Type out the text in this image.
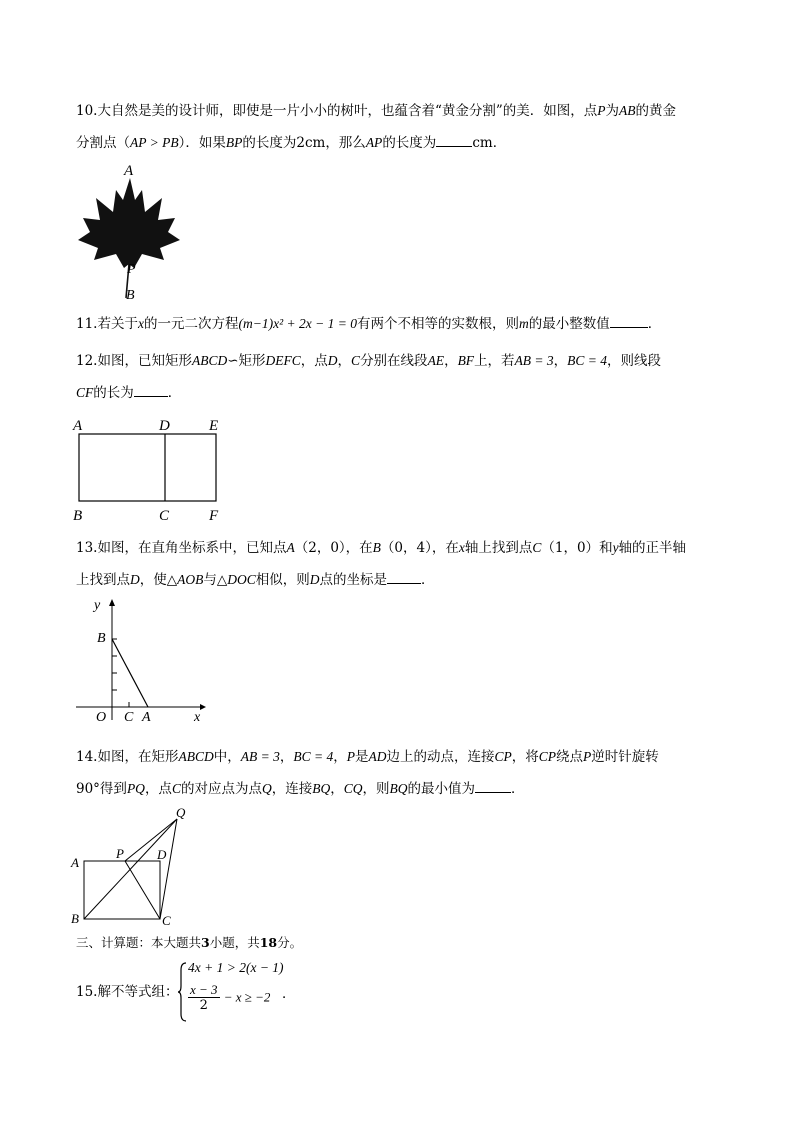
10.大自然是美的设计师，即使是一片小小的树叶，也蕴含着“黄金分割”的美．如图，点P为AB的黄金
分割点（AP > PB）．如果BP的长度为2cm，那么AP的长度为	cm．
A
P
B
11.若关于x的一元二次方程(m−1)x² + 2x − 1 = 0有两个不相等的实数根，则m的最小整数值	．
12.如图，已知矩形ABCD∽矩形DEFC，点D，C分别在线段AE，BF上，若AB = 3，BC = 4，则线段
CF的长为	．
A	D	E
B	C	F
13.如图，在直角坐标系中，已知点A（2，0），在B（0，4），在x轴上找到点C（1，0）和y轴的正半轴
上找到点D，使△AOB与△DOC相似，则D点的坐标是	．
y
B
O C A	x
14.如图，在矩形ABCD中，AB = 3，BC = 4，P是AD边上的动点，连接CP，将CP绕点P逆时针旋转
90°得到PQ，点C的对应点为点Q，连接BQ，CQ，则BQ的最小值为	．
Q
A
P	D
B	C
三、计算题：本大题共3小题，共18分。
15.解不等式组：
4x + 1 > 2(x − 1)
$\frac{x - 3}{2} - x \ge -2$ ．
